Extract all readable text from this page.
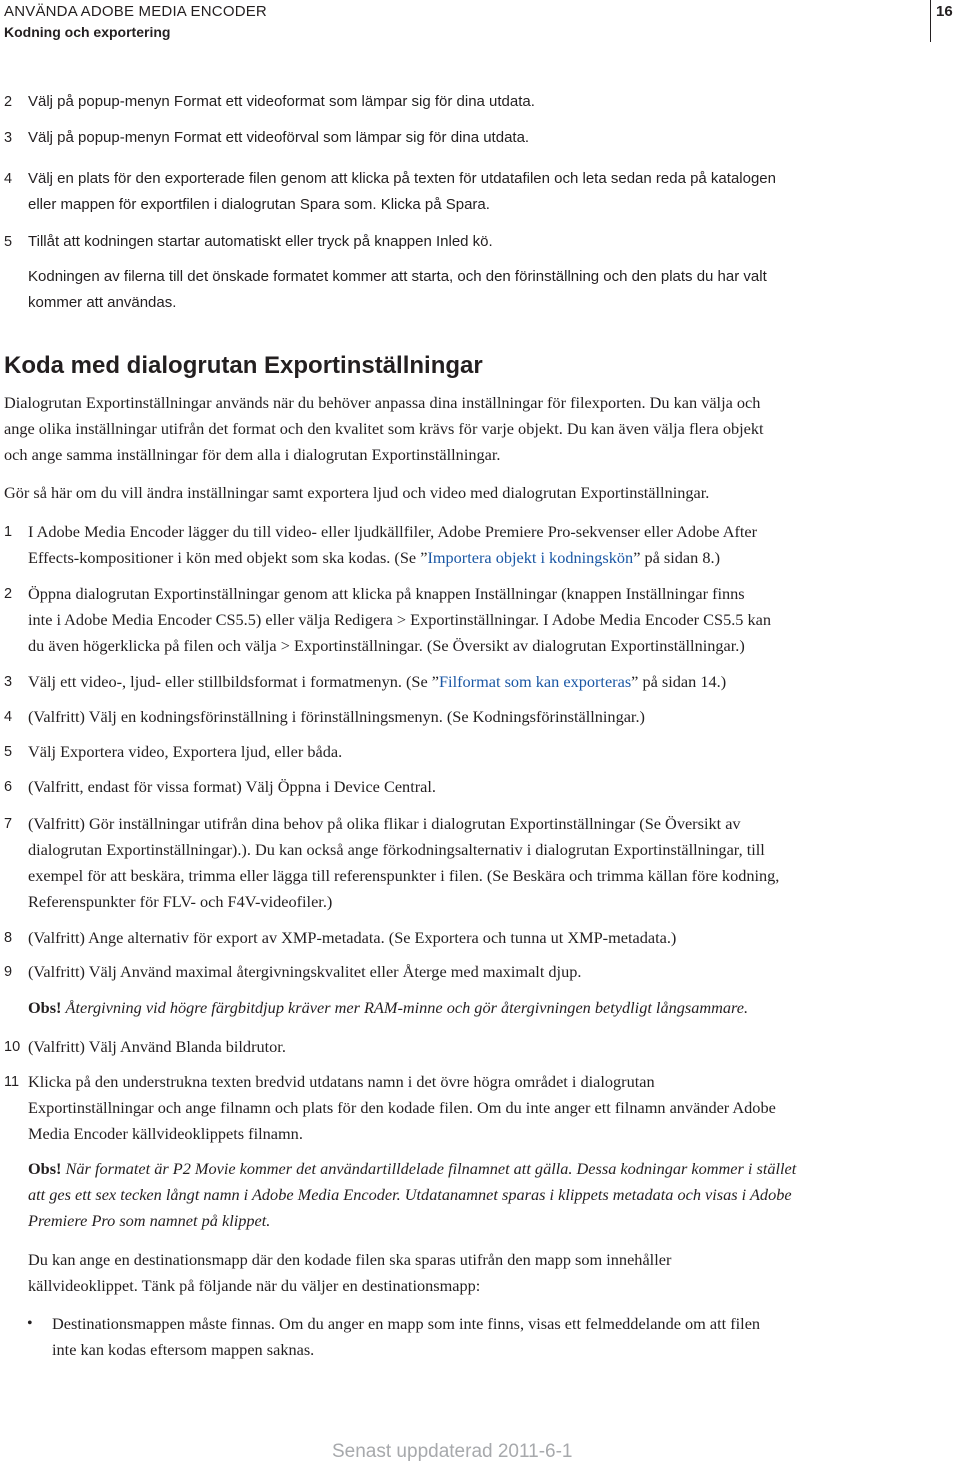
ANVÄNDA ADOBE MEDIA ENCODER
Kodning och exportering
16
2	Välj på popup-menyn Format ett videoformat som lämpar sig för dina utdata.
3	Välj på popup-menyn Format ett videoförval som lämpar sig för dina utdata.
4	Välj en plats för den exporterade filen genom att klicka på texten för utdatafilen och leta sedan reda på katalogen
eller mappen för exportfilen i dialogrutan Spara som. Klicka på Spara.
5	Tillåt att kodningen startar automatiskt eller tryck på knappen Inled kö.
Kodningen av filerna till det önskade formatet kommer att starta, och den förinställning och den plats du har valt
kommer att användas.
Koda med dialogrutan Exportinställningar
Dialogrutan Exportinställningar används när du behöver anpassa dina inställningar för filexporten. Du kan välja och
ange olika inställningar utifrån det format och den kvalitet som krävs för varje objekt. Du kan även välja flera objekt
och ange samma inställningar för dem alla i dialogrutan Exportinställningar.
Gör så här om du vill ändra inställningar samt exportera ljud och video med dialogrutan Exportinställningar.
1 I Adobe Media Encoder lägger du till video- eller ljudkällfiler, Adobe Premiere Pro-sekvenser eller Adobe After
Effects-kompositioner i kön med objekt som ska kodas. (Se ”Importera objekt i kodningskön” på sidan 8.)
2 Öppna dialogrutan Exportinställningar genom att klicka på knappen Inställningar (knappen Inställningar finns
inte i Adobe Media Encoder CS5.5) eller välja Redigera > Exportinställningar. I Adobe Media Encoder CS5.5 kan
du även högerklicka på filen och välja > Exportinställningar. (Se Översikt av dialogrutan Exportinställningar.)
3 Välj ett video-, ljud- eller stillbildsformat i formatmenyn. (Se ”Filformat som kan exporteras” på sidan 14.)
4 (Valfritt) Välj en kodningsförinställning i förinställningsmenyn. (Se Kodningsförinställningar.)
5 Välj Exportera video, Exportera ljud, eller båda.
6 (Valfritt, endast för vissa format) Välj Öppna i Device Central.
7 (Valfritt) Gör inställningar utifrån dina behov på olika flikar i dialogrutan Exportinställningar (Se Översikt av
dialogrutan Exportinställningar).). Du kan också ange förkodningsalternativ i dialogrutan Exportinställningar, till
exempel för att beskära, trimma eller lägga till referenspunkter i filen. (Se Beskära och trimma källan före kodning,
Referenspunkter för FLV- och F4V-videofiler.)
8 (Valfritt) Ange alternativ för export av XMP-metadata. (Se Exportera och tunna ut XMP-metadata.)
9 (Valfritt) Välj Använd maximal återgivningskvalitet eller Återge med maximalt djup.
Obs! Återgivning vid högre färgbitdjup kräver mer RAM-minne och gör återgivningen betydligt långsammare.
10 (Valfritt) Välj Använd Blanda bildrutor.
11 Klicka på den understrukna texten bredvid utdatans namn i det övre högra området i dialogrutan
Exportinställningar och ange filnamn och plats för den kodade filen. Om du inte anger ett filnamn använder Adobe
Media Encoder källvideoklippets filnamn.
Obs! När formatet är P2 Movie kommer det användartilldelade filnamnet att gälla. Dessa kodningar kommer i stället
att ges ett sex tecken långt namn i Adobe Media Encoder. Utdatanamnet sparas i klippets metadata och visas i Adobe
Premiere Pro som namnet på klippet.
Du kan ange en destinationsmapp där den kodade filen ska sparas utifrån den mapp som innehåller
källvideoklippet. Tänk på följande när du väljer en destinationsmapp:
• Destinationsmappen måste finnas. Om du anger en mapp som inte finns, visas ett felmeddelande om att filen
inte kan kodas eftersom mappen saknas.
Senast uppdaterad 2011-6-1
